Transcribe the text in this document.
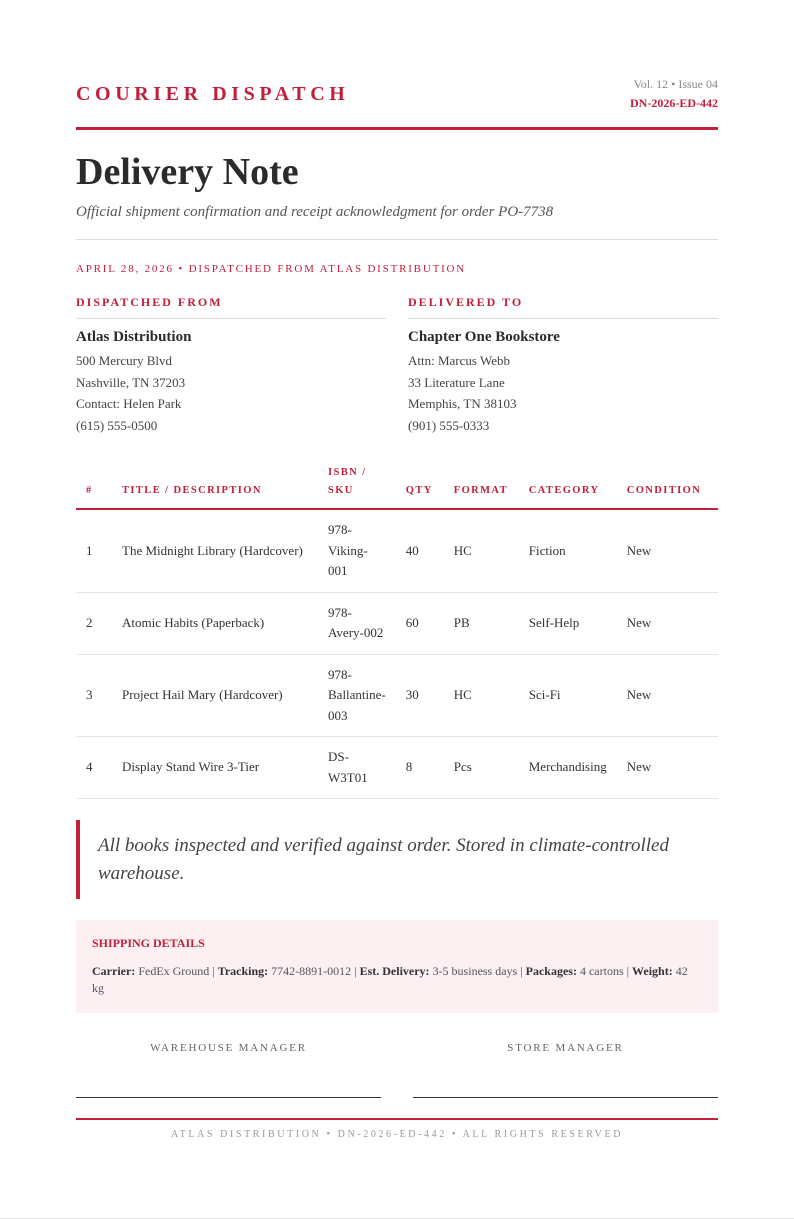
COURIER DISPATCH	Vol. 12 • Issue 04
DN-2026-ED-442
Delivery Note
Official shipment confirmation and receipt acknowledgment for order PO-7738
APRIL 28, 2026 • DISPATCHED FROM ATLAS DISTRIBUTION
DISPATCHED FROM
Atlas Distribution
500 Mercury Blvd
Nashville, TN 37203
Contact: Helen Park
(615) 555-0500
DELIVERED TO
Chapter One Bookstore
Attn: Marcus Webb
33 Literature Lane
Memphis, TN 38103
(901) 555-0333
#	TITLE / DESCRIPTION	ISBN / SKU	QTY	FORMAT	CATEGORY	CONDITION
1	The Midnight Library (Hardcover)	978-Viking-001	40	HC	Fiction	New
2	Atomic Habits (Paperback)	978-Avery-002	60	PB	Self-Help	New
3	Project Hail Mary (Hardcover)	978-Ballantine-003	30	HC	Sci-Fi	New
4	Display Stand Wire 3-Tier	DS-W3T01	8	Pcs	Merchandising	New

All books inspected and verified against order. Stored in climate-controlled warehouse.

SHIPPING DETAILS
Carrier: FedEx Ground | Tracking: 7742-8891-0012 | Est. Delivery: 3-5 business days | Packages: 4 cartons | Weight: 42 kg
WAREHOUSE MANAGER	STORE MANAGER
ATLAS DISTRIBUTION • DN-2026-ED-442 • ALL RIGHTS RESERVED
